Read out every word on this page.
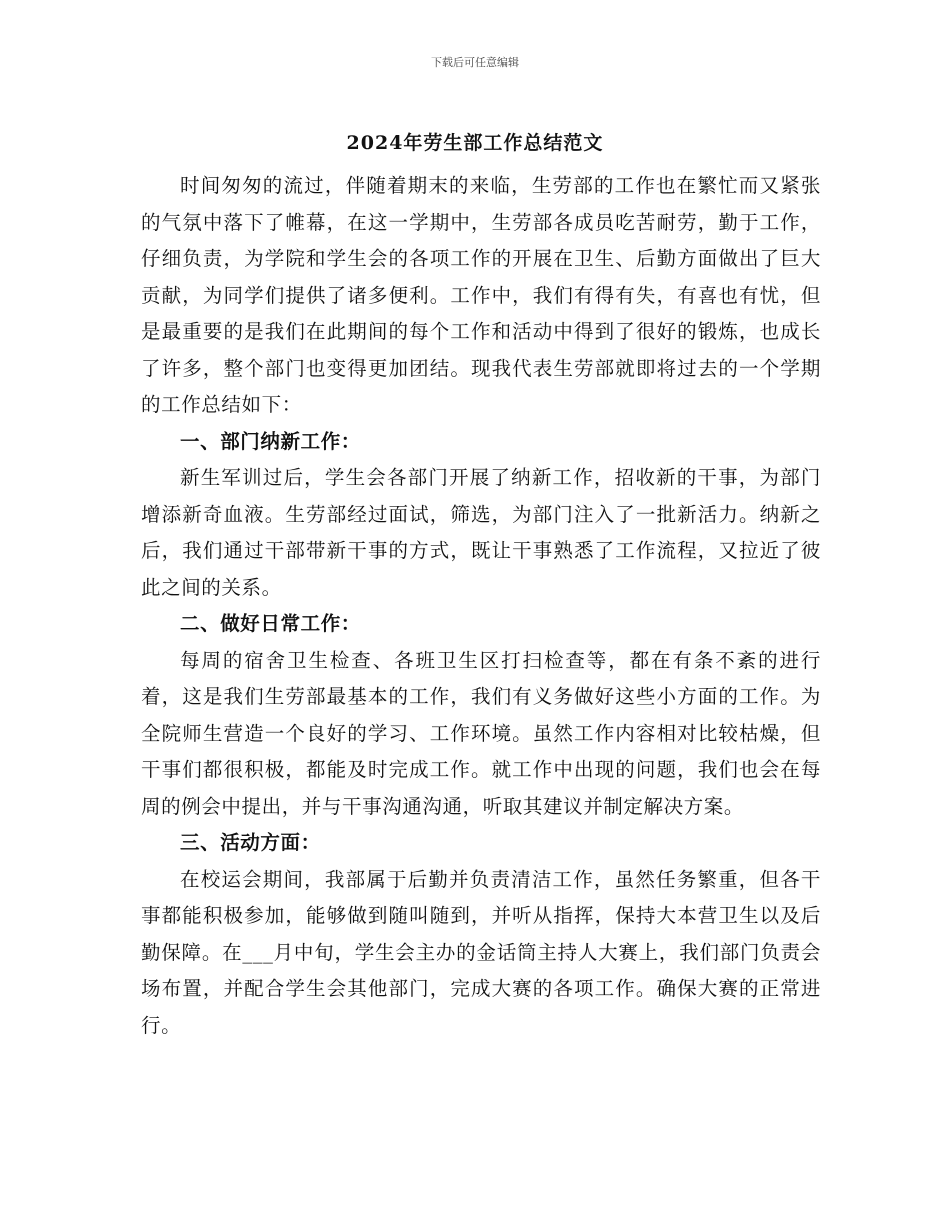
下载后可任意编辑
2024年劳生部工作总结范文

时间匆匆的流过，伴随着期末的来临，生劳部的工作也在繁忙而又紧张的气氛中落下了帷幕，在这一学期中，生劳部各成员吃苦耐劳，勤于工作，仔细负责，为学院和学生会的各项工作的开展在卫生、后勤方面做出了巨大贡献，为同学们提供了诸多便利。工作中，我们有得有失，有喜也有忧，但是最重要的是我们在此期间的每个工作和活动中得到了很好的锻炼，也成长了许多，整个部门也变得更加团结。现我代表生劳部就即将过去的一个学期的工作总结如下：

一、部门纳新工作：

新生军训过后，学生会各部门开展了纳新工作，招收新的干事，为部门增添新奇血液。生劳部经过面试，筛选，为部门注入了一批新活力。纳新之后，我们通过干部带新干事的方式，既让干事熟悉了工作流程，又拉近了彼此之间的关系。

二、做好日常工作：

每周的宿舍卫生检查、各班卫生区打扫检查等，都在有条不紊的进行着，这是我们生劳部最基本的工作，我们有义务做好这些小方面的工作。为全院师生营造一个良好的学习、工作环境。虽然工作内容相对比较枯燥，但干事们都很积极，都能及时完成工作。就工作中出现的问题，我们也会在每周的例会中提出，并与干事沟通沟通，听取其建议并制定解决方案。

三、活动方面：

在校运会期间，我部属于后勤并负责清洁工作，虽然任务繁重，但各干事都能积极参加，能够做到随叫随到，并听从指挥，保持大本营卫生以及后勤保障。在___月中旬，学生会主办的金话筒主持人大赛上，我们部门负责会场布置，并配合学生会其他部门，完成大赛的各项工作。确保大赛的正常进行。
